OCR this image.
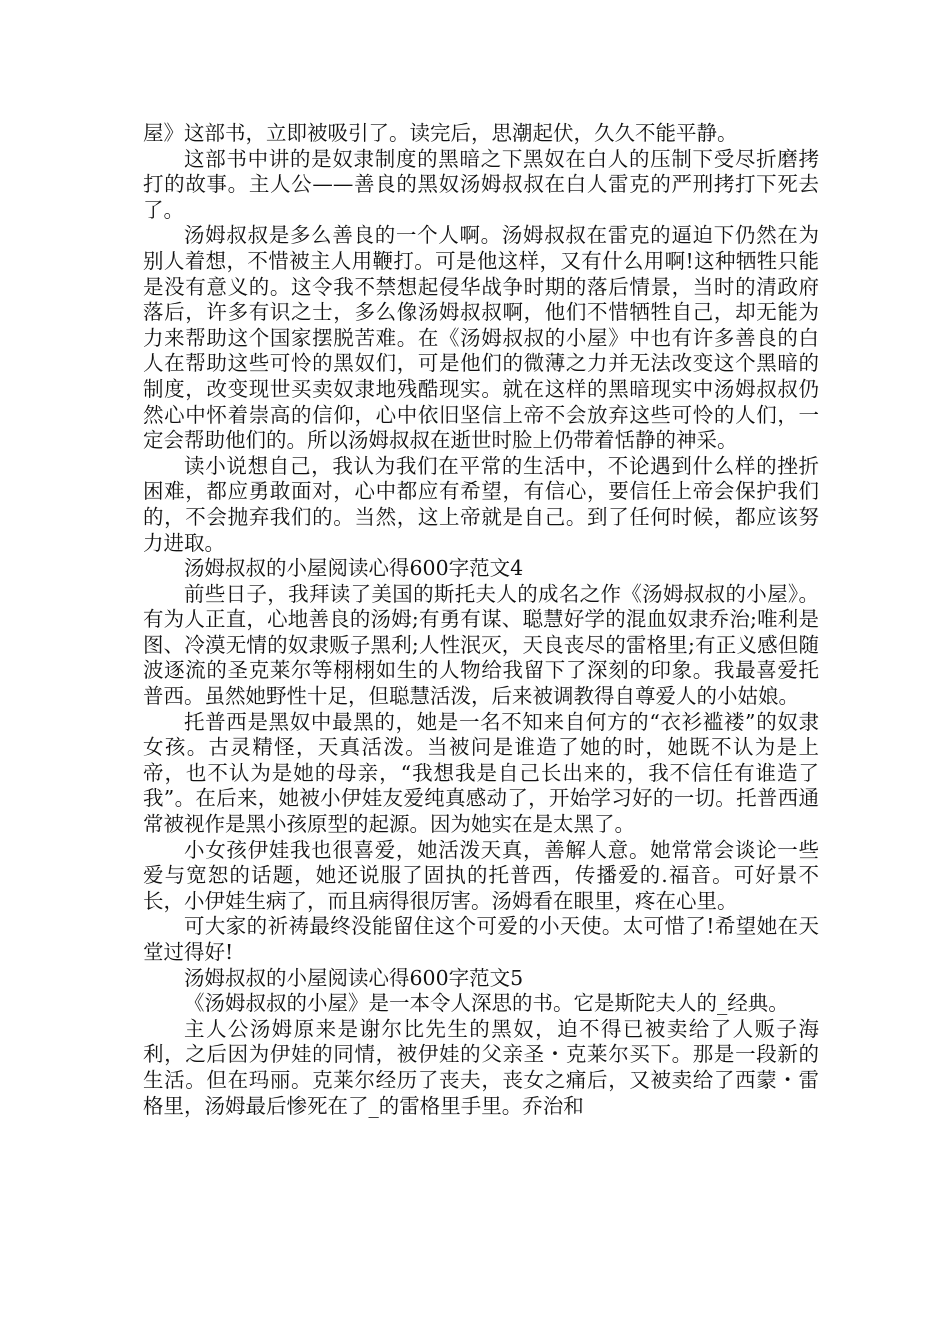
屋》这部书，立即被吸引了。读完后，思潮起伏，久久不能平静。

这部书中讲的是奴隶制度的黑暗之下黑奴在白人的压制下受尽折磨拷打的故事。主人公——善良的黑奴汤姆叔叔在白人雷克的严刑拷打下死去了。

汤姆叔叔是多么善良的一个人啊。汤姆叔叔在雷克的逼迫下仍然在为别人着想，不惜被主人用鞭打。可是他这样，又有什么用啊!这种牺牲只能是没有意义的。这令我不禁想起侵华战争时期的落后情景，当时的清政府落后，许多有识之士，多么像汤姆叔叔啊，他们不惜牺牲自己，却无能为力来帮助这个国家摆脱苦难。在《汤姆叔叔的小屋》中也有许多善良的白人在帮助这些可怜的黑奴们，可是他们的微薄之力并无法改变这个黑暗的制度，改变现世买卖奴隶地残酷现实。就在这样的黑暗现实中汤姆叔叔仍然心中怀着崇高的信仰，心中依旧坚信上帝不会放弃这些可怜的人们，一定会帮助他们的。所以汤姆叔叔在逝世时脸上仍带着恬静的神采。

读小说想自己，我认为我们在平常的生活中，不论遇到什么样的挫折困难，都应勇敢面对，心中都应有希望，有信心，要信任上帝会保护我们的，不会抛弃我们的。当然，这上帝就是自己。到了任何时候，都应该努力进取。

汤姆叔叔的小屋阅读心得600字范文4

前些日子，我拜读了美国的斯托夫人的成名之作《汤姆叔叔的小屋》。有为人正直，心地善良的汤姆;有勇有谋、聪慧好学的混血奴隶乔治;唯利是图、冷漠无情的奴隶贩子黑利;人性泯灭，天良丧尽的雷格里;有正义感但随波逐流的圣克莱尔等栩栩如生的人物给我留下了深刻的印象。我最喜爱托普西。虽然她野性十足，但聪慧活泼，后来被调教得自尊爱人的小姑娘。

托普西是黑奴中最黑的，她是一名不知来自何方的“衣衫褴褛”的奴隶女孩。古灵精怪，天真活泼。当被问是谁造了她的时，她既不认为是上帝，也不认为是她的母亲，“我想我是自己长出来的，我不信任有谁造了我”。在后来，她被小伊娃友爱纯真感动了，开始学习好的一切。托普西通常被视作是黑小孩原型的起源。因为她实在是太黑了。

小女孩伊娃我也很喜爱，她活泼天真，善解人意。她常常会谈论一些爱与宽恕的话题，她还说服了固执的托普西，传播爱的.福音。可好景不长，小伊娃生病了，而且病得很厉害。汤姆看在眼里，疼在心里。

可大家的祈祷最终没能留住这个可爱的小天使。太可惜了!希望她在天堂过得好!

汤姆叔叔的小屋阅读心得600字范文5

《汤姆叔叔的小屋》是一本令人深思的书。它是斯陀夫人的_经典。

主人公汤姆原来是谢尔比先生的黑奴，迫不得已被卖给了人贩子海利，之后因为伊娃的同情，被伊娃的父亲圣・克莱尔买下。那是一段新的生活。但在玛丽。克莱尔经历了丧夫，丧女之痛后，又被卖给了西蒙・雷格里，汤姆最后惨死在了_的雷格里手里。乔治和
